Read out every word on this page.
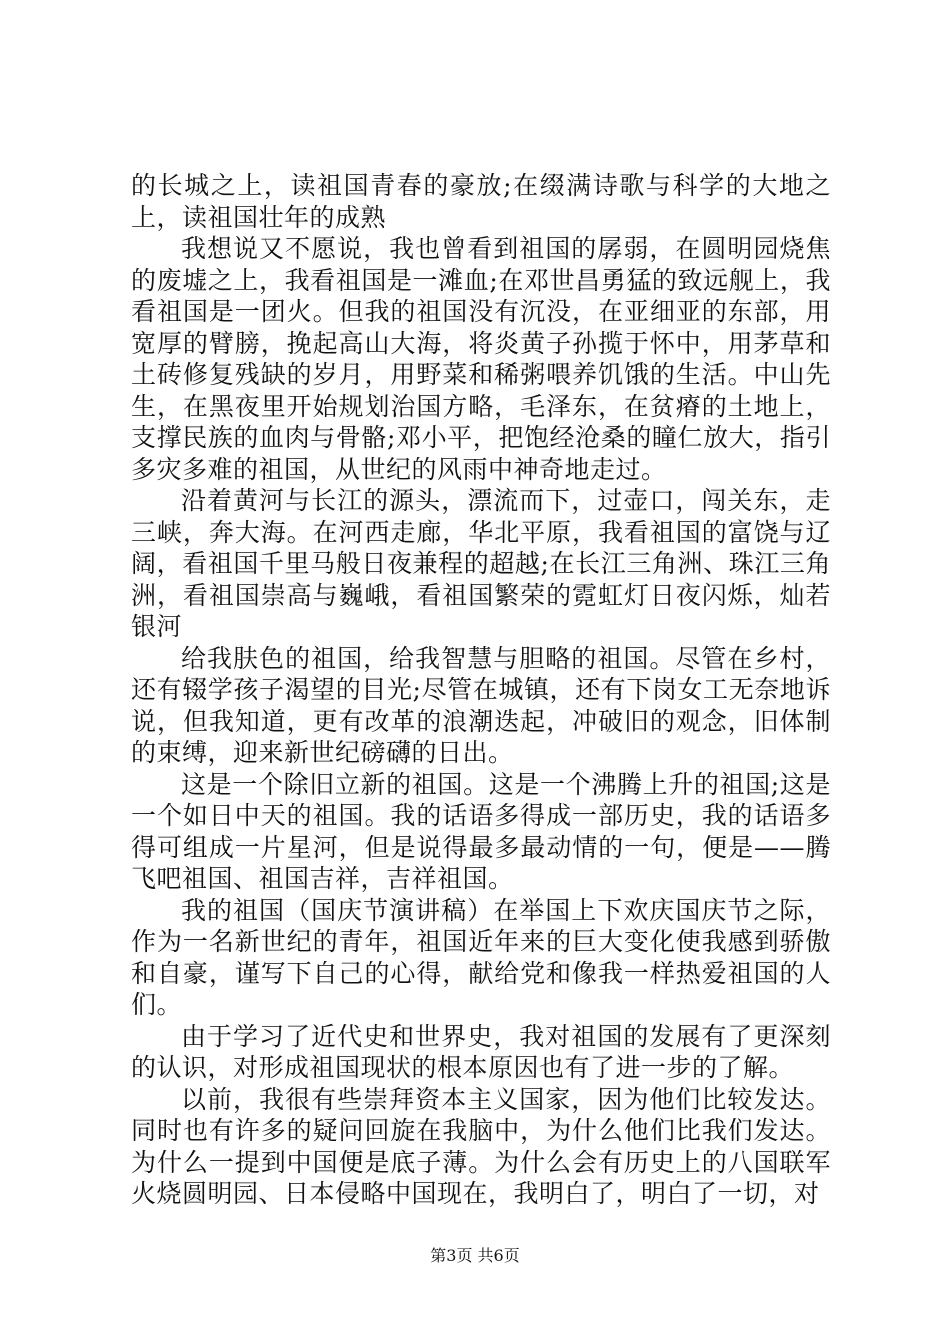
的长城之上，读祖国青春的豪放;在缀满诗歌与科学的大地之上，读祖国壮年的成熟

我想说又不愿说，我也曾看到祖国的孱弱，在圆明园烧焦的废墟之上，我看祖国是一滩血;在邓世昌勇猛的致远舰上，我看祖国是一团火。但我的祖国没有沉没，在亚细亚的东部，用宽厚的臂膀，挽起高山大海，将炎黄子孙揽于怀中，用茅草和土砖修复残缺的岁月，用野菜和稀粥喂养饥饿的生活。中山先生，在黑夜里开始规划治国方略，毛泽东，在贫瘠的土地上，支撑民族的血肉与骨骼;邓小平，把饱经沧桑的瞳仁放大，指引多灾多难的祖国，从世纪的风雨中神奇地走过。

沿着黄河与长江的源头，漂流而下，过壶口，闯关东，走三峡，奔大海。在河西走廊，华北平原，我看祖国的富饶与辽阔，看祖国千里马般日夜兼程的超越;在长江三角洲、珠江三角洲，看祖国崇高与巍峨，看祖国繁荣的霓虹灯日夜闪烁，灿若银河

给我肤色的祖国，给我智慧与胆略的祖国。尽管在乡村，还有辍学孩子渴望的目光;尽管在城镇，还有下岗女工无奈地诉说，但我知道，更有改革的浪潮迭起，冲破旧的观念，旧体制的束缚，迎来新世纪磅礴的日出。

这是一个除旧立新的祖国。这是一个沸腾上升的祖国;这是一个如日中天的祖国。我的话语多得成一部历史，我的话语多得可组成一片星河，但是说得最多最动情的一句，便是——腾飞吧祖国、祖国吉祥，吉祥祖国。

我的祖国（国庆节演讲稿）在举国上下欢庆国庆节之际，作为一名新世纪的青年，祖国近年来的巨大变化使我感到骄傲和自豪，谨写下自己的心得，献给党和像我一样热爱祖国的人们。

由于学习了近代史和世界史，我对祖国的发展有了更深刻的认识，对形成祖国现状的根本原因也有了进一步的了解。

以前，我很有些崇拜资本主义国家，因为他们比较发达。同时也有许多的疑问回旋在我脑中，为什么他们比我们发达。为什么一提到中国便是底子薄。为什么会有历史上的八国联军火烧圆明园、日本侵略中国现在，我明白了，明白了一切，对

第3页 共6页
